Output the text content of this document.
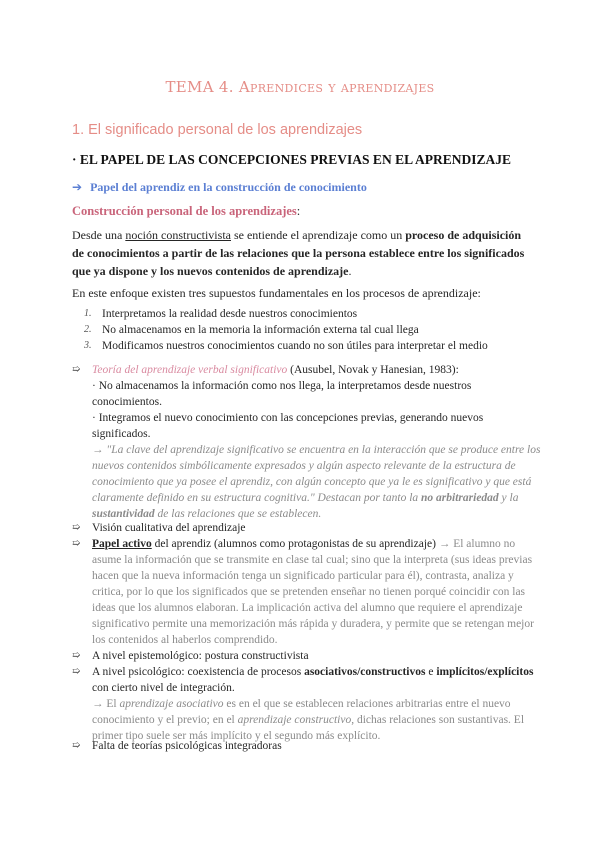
TEMA 4. Aprendices y aprendizajes
1. El significado personal de los aprendizajes
· EL PAPEL DE LAS CONCEPCIONES PREVIAS EN EL APRENDIZAJE
➔ Papel del aprendiz en la construcción de conocimiento
Construcción personal de los aprendizajes:
Desde una noción constructivista se entiende el aprendizaje como un proceso de adquisición de conocimientos a partir de las relaciones que la persona establece entre los significados que ya dispone y los nuevos contenidos de aprendizaje.
En este enfoque existen tres supuestos fundamentales en los procesos de aprendizaje:
1. Interpretamos la realidad desde nuestros conocimientos
2. No almacenamos en la memoria la información externa tal cual llega
3. Modificamos nuestros conocimientos cuando no son útiles para interpretar el medio
➯ Teoría del aprendizaje verbal significativo (Ausubel, Novak y Hanesian, 1983):
· No almacenamos la información como nos llega, la interpretamos desde nuestros conocimientos.
· Integramos el nuevo conocimiento con las concepciones previas, generando nuevos significados.
→ "La clave del aprendizaje significativo se encuentra en la interacción que se produce entre los nuevos contenidos simbólicamente expresados y algún aspecto relevante de la estructura de conocimiento que ya posee el aprendiz, con algún concepto que ya le es significativo y que está claramente definido en su estructura cognitiva." Destacan por tanto la no arbitrariedad y la sustantividad de las relaciones que se establecen.
➯ Visión cualitativa del aprendizaje
➯ Papel activo del aprendiz (alumnos como protagonistas de su aprendizaje) → El alumno no asume la información que se transmite en clase tal cual; sino que la interpreta (sus ideas previas hacen que la nueva información tenga un significado particular para él), contrasta, analiza y critica, por lo que los significados que se pretenden enseñar no tienen porqué coincidir con las ideas que los alumnos elaboran. La implicación activa del alumno que requiere el aprendizaje significativo permite una memorización más rápida y duradera, y permite que se retengan mejor los contenidos al haberlos comprendido.
➯ A nivel epistemológico: postura constructivista
➯ A nivel psicológico: coexistencia de procesos asociativos/constructivos e implícitos/explícitos con cierto nivel de integración.
→ El aprendizaje asociativo es en el que se establecen relaciones arbitrarias entre el nuevo conocimiento y el previo; en el aprendizaje constructivo, dichas relaciones son sustantivas. El primer tipo suele ser más implícito y el segundo más explícito.
➯ Falta de teorías psicológicas integradoras
